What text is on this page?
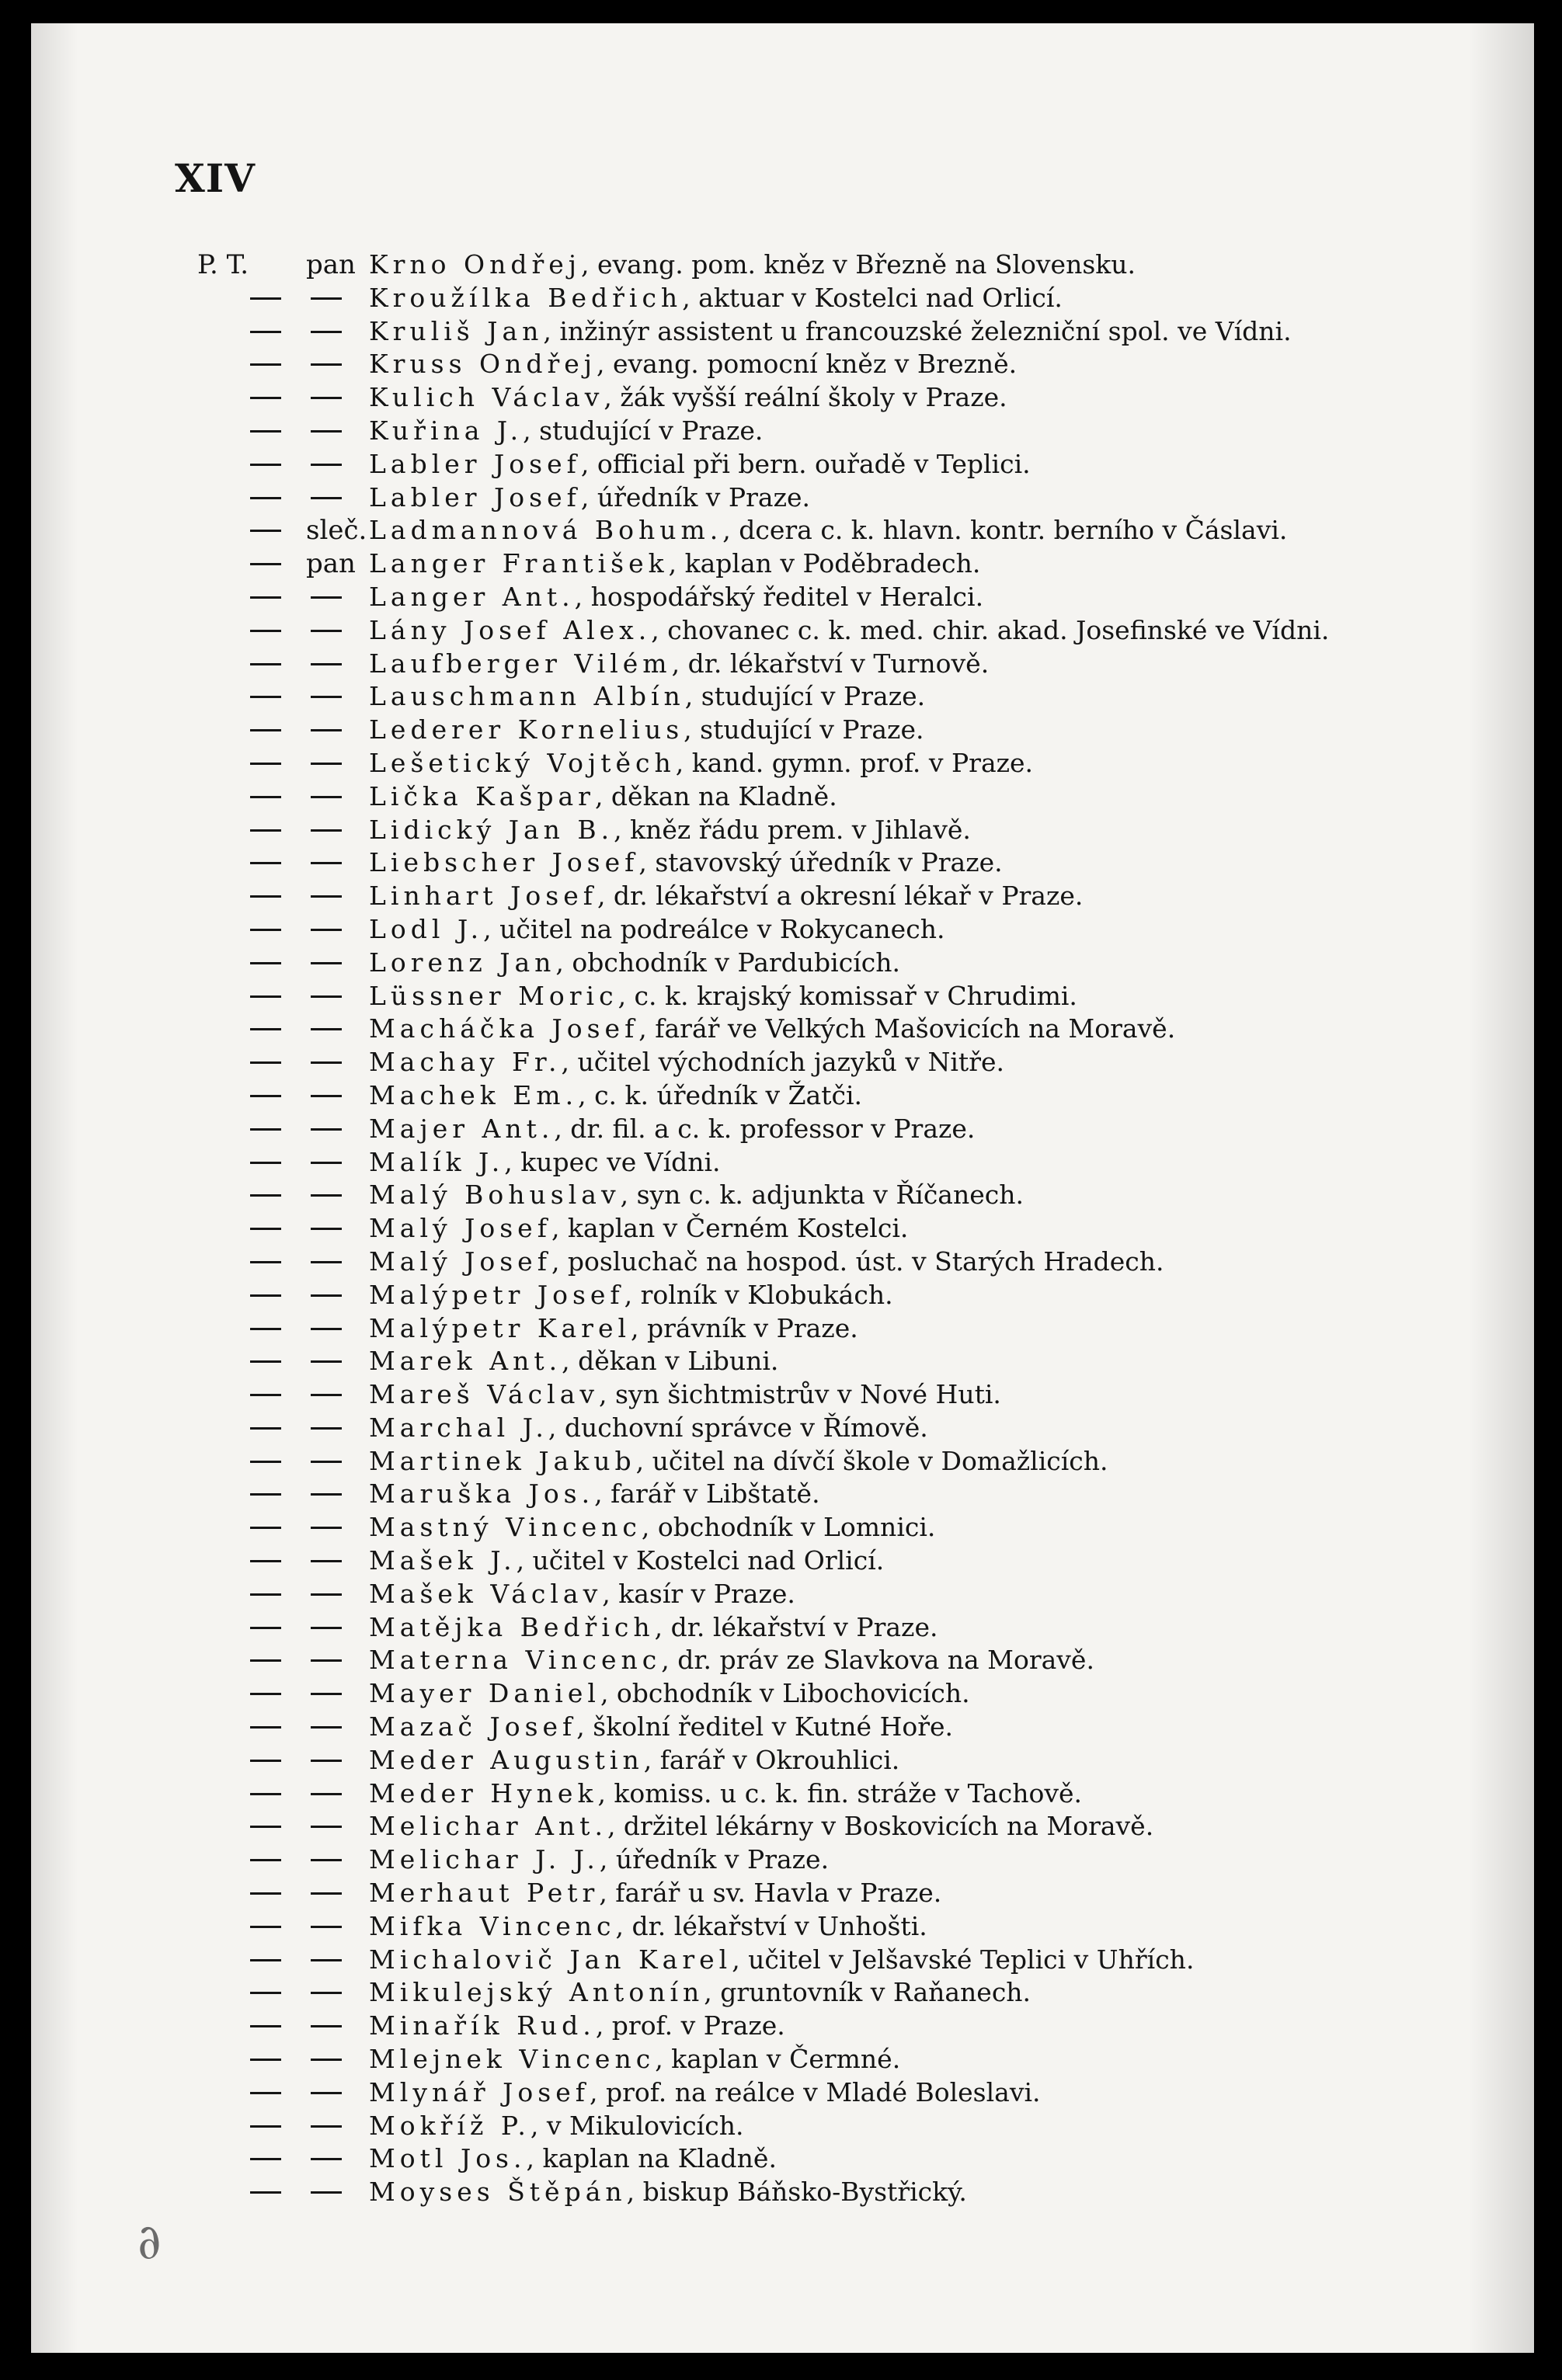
XIV
P. T. pan Krno Ondřej, evang. pom. kněz v Březně na Slovensku.
Kroužílka Bedřich, aktuar v Kostelci nad Orlicí.
Kruliš Jan, inžinýr assistent u francouzské železniční spol. ve Vídni.
Kruss Ondřej, evang. pomocní kněz v Brezně.
Kulich Václav, žák vyšší reální školy v Praze.
Kuřina J., studující v Praze.
Labler Josef, official při bern. ouřadě v Teplici.
Labler Josef, úředník v Praze.
sleč. Ladmannová Bohum., dcera c. k. hlavn. kontr. berního v Čáslavi.
pan Langer František, kaplan v Poděbradech.
Langer Ant., hospodářský ředitel v Heralci.
Lány Josef Alex., chovanec c. k. med. chir. akad. Josefinské ve Vídni.
Laufberger Vilém, dr. lékařství v Turnově.
Lauschmann Albín, studující v Praze.
Lederer Kornelius, studující v Praze.
Lešetický Vojtěch, kand. gymn. prof. v Praze.
Lička Kašpar, děkan na Kladně.
Lidický Jan B., kněz řádu prem. v Jihlavě.
Liebscher Josef, stavovský úředník v Praze.
Linhart Josef, dr. lékařství a okresní lékař v Praze.
Lodl J., učitel na podreálce v Rokycanech.
Lorenz Jan, obchodník v Pardubicích.
Lüssner Moric, c. k. krajský komissař v Chrudimi.
Macháčka Josef, farář ve Velkých Mašovicích na Moravě.
Machay Fr., učitel východních jazyků v Nitře.
Machek Em., c. k. úředník v Žatči.
Majer Ant., dr. fil. a c. k. professor v Praze.
Malík J., kupec ve Vídni.
Malý Bohuslav, syn c. k. adjunkta v Říčanech.
Malý Josef, kaplan v Černém Kostelci.
Malý Josef, posluchač na hospod. úst. v Starých Hradech.
Malýpetr Josef, rolník v Klobukách.
Malýpetr Karel, právník v Praze.
Marek Ant., děkan v Libuni.
Mareš Václav, syn šichtmistrův v Nové Huti.
Marchal J., duchovní správce v Římově.
Martinek Jakub, učitel na dívčí škole v Domažlicích.
Maruška Jos., farář v Libštatě.
Mastný Vincenc, obchodník v Lomnici.
Mašek J., učitel v Kostelci nad Orlicí.
Mašek Václav, kasír v Praze.
Matějka Bedřich, dr. lékařství v Praze.
Materna Vincenc, dr. práv ze Slavkova na Moravě.
Mayer Daniel, obchodník v Libochovicích.
Mazač Josef, školní ředitel v Kutné Hoře.
Meder Augustin, farář v Okrouhlici.
Meder Hynek, komiss. u c. k. fin. stráže v Tachově.
Melichar Ant., držitel lékárny v Boskovicích na Moravě.
Melichar J. J., úředník v Praze.
Merhaut Petr, farář u sv. Havla v Praze.
Mifka Vincenc, dr. lékařství v Unhošti.
Michalovič Jan Karel, učitel v Jelšavské Teplici v Uhřích.
Mikulejský Antonín, gruntovník v Raňanech.
Minařík Rud., prof. v Praze.
Mlejnek Vincenc, kaplan v Čermné.
Mlynář Josef, prof. na reálce v Mladé Boleslavi.
Mokříž P., v Mikulovicích.
Motl Jos., kaplan na Kladně.
Moyses Štěpán, biskup Báňsko-Bystřický.
∂
